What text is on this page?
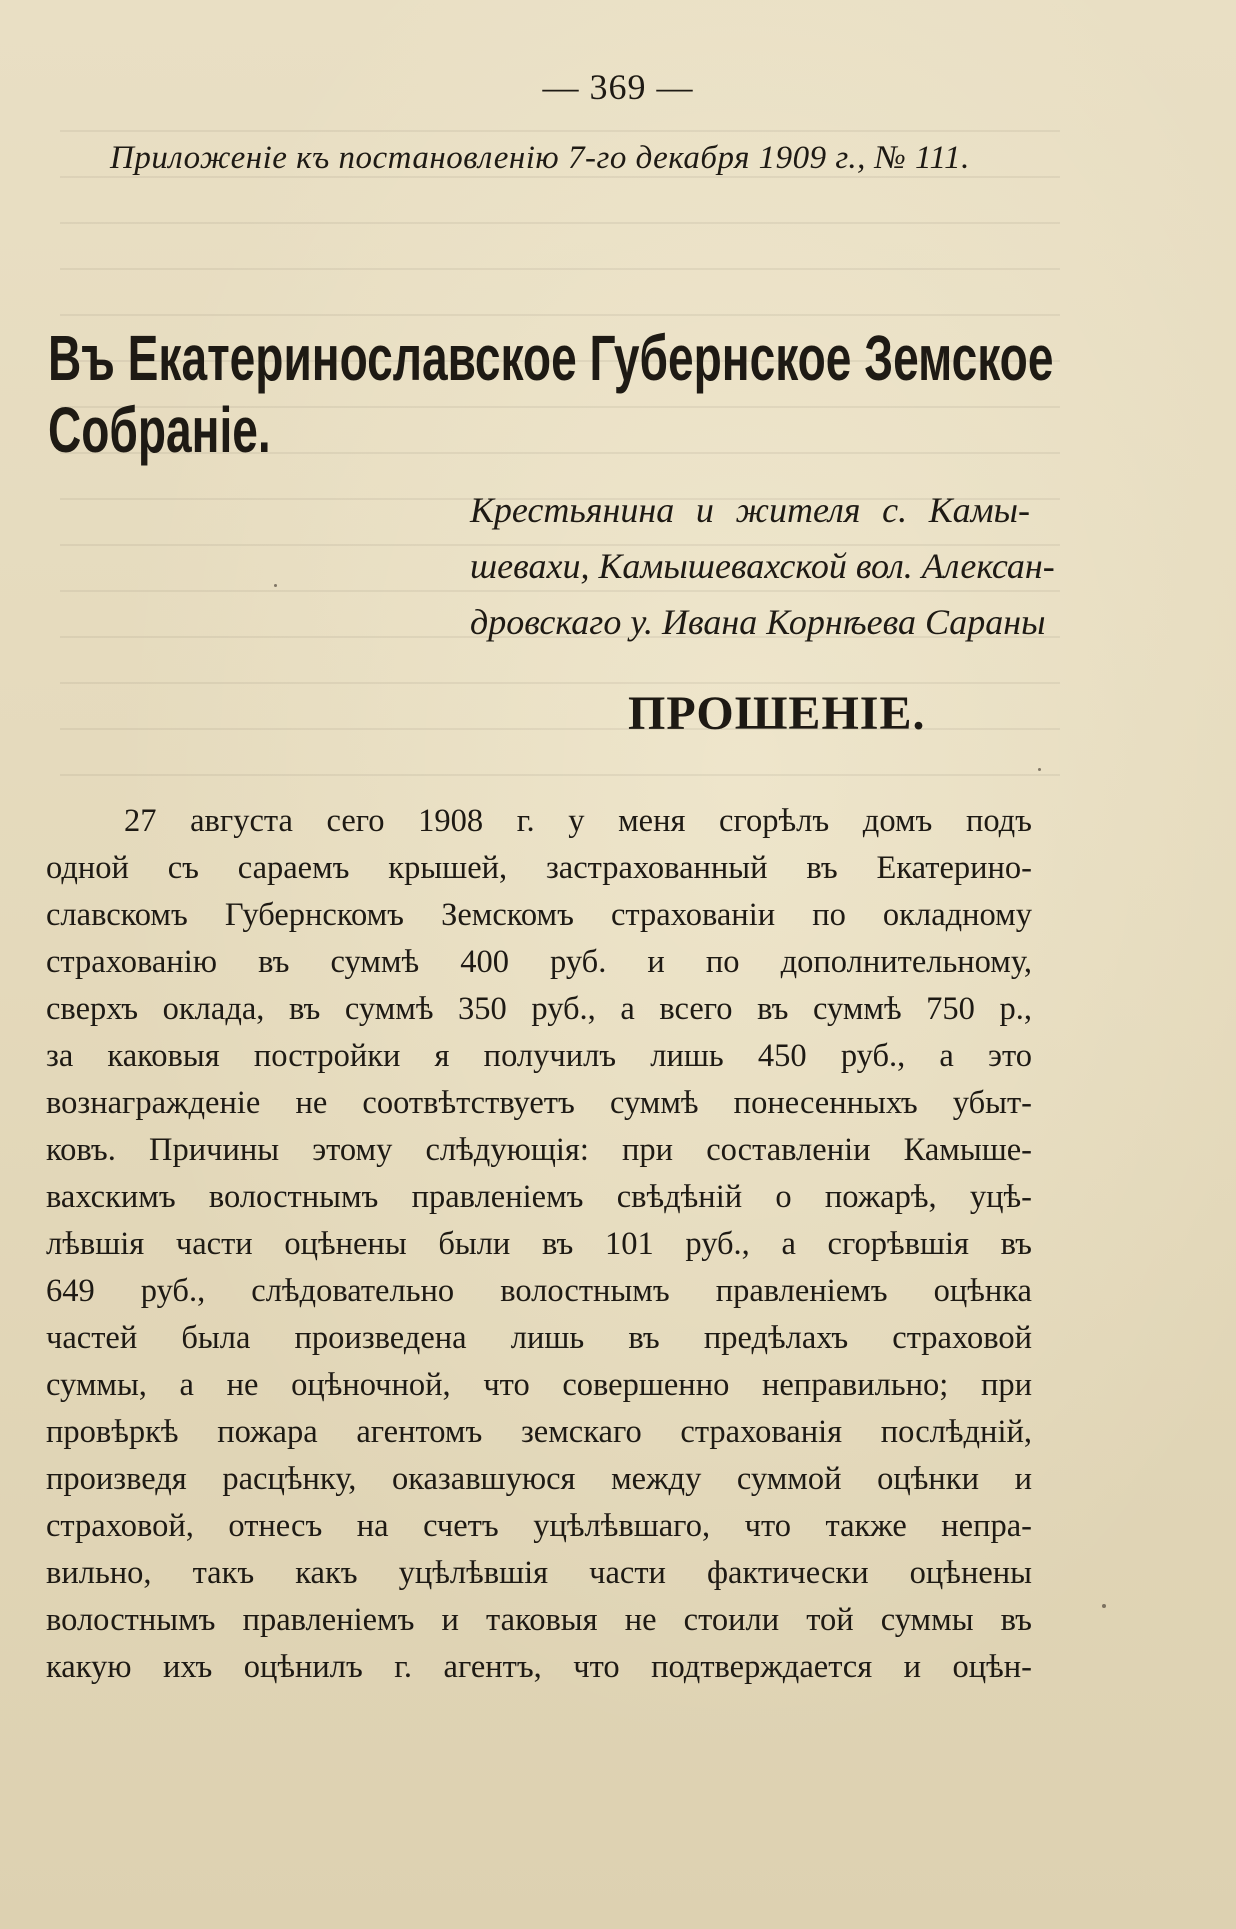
— 369 —
Приложеніе къ постановленію 7-го декабря 1909 г., № 111.
Въ Екатеринославское Губернское Земское
Собраніе.
Крестьянина и жителя с. Камы-
шевахи, Камышевахской вол. Алексан-
дровскаго у. Ивана Корнѣева Сараны
ПРОШЕНІЕ.
27 августа сего 1908 г. у меня сгорѣлъ домъ подъ
одной съ сараемъ крышей, застрахованный въ Екатерино-
славскомъ Губернскомъ Земскомъ страхованіи по окладному
страхованію въ суммѣ 400 руб. и по дополнительному,
сверхъ оклада, въ суммѣ 350 руб., а всего въ суммѣ 750 р.,
за каковыя постройки я получилъ лишь 450 руб., а это
вознагражденіе не соотвѣтствуетъ суммѣ понесенныхъ убыт-
ковъ. Причины этому слѣдующія: при составленіи Камыше-
вахскимъ волостнымъ правленіемъ свѣдѣній о пожарѣ, уцѣ-
лѣвшія части оцѣнены были въ 101 руб., а сгорѣвшія въ
649 руб., слѣдовательно волостнымъ правленіемъ оцѣнка
частей была произведена лишь въ предѣлахъ страховой
суммы, а не оцѣночной, что совершенно неправильно; при
провѣркѣ пожара агентомъ земскаго страхованія послѣдній,
произведя расцѣнку, оказавшуюся между суммой оцѣнки и
страховой, отнесъ на счетъ уцѣлѣвшаго, что также непра-
вильно, такъ какъ уцѣлѣвшія части фактически оцѣнены
волостнымъ правленіемъ и таковыя не стоили той суммы въ
какую ихъ оцѣнилъ г. агентъ, что подтверждается и оцѣн-
